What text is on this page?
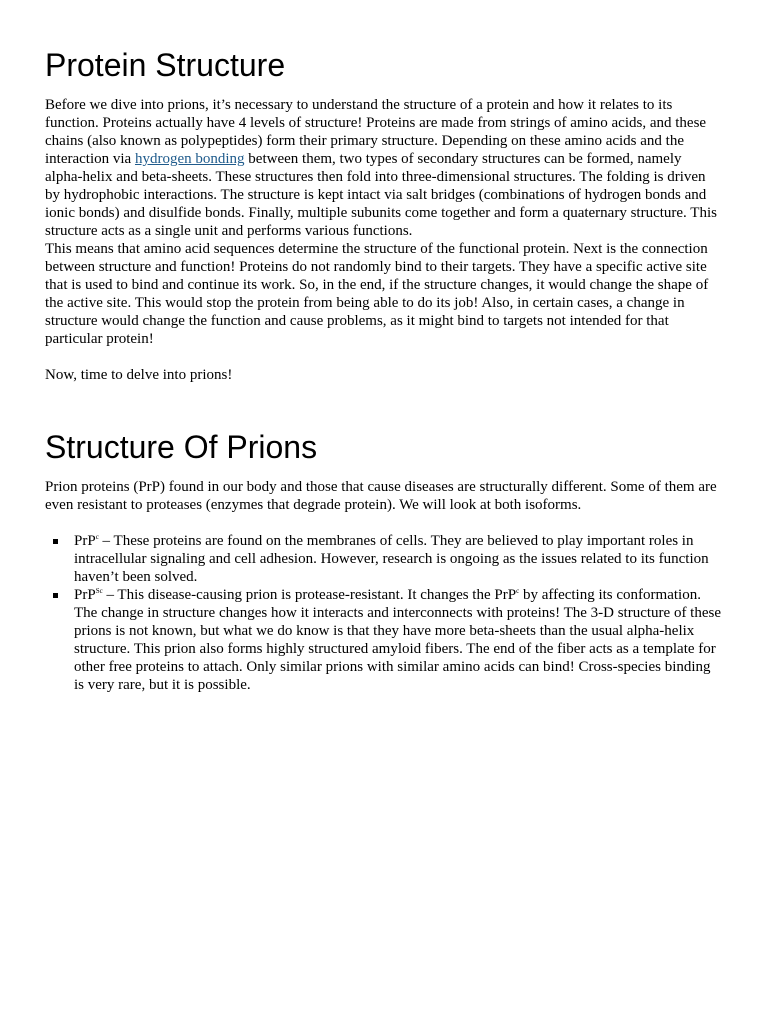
Protein Structure

Before we dive into prions, it’s necessary to understand the structure of a protein and how it relates to its function. Proteins actually have 4 levels of structure! Proteins are made from strings of amino acids, and these chains (also known as polypeptides) form their primary structure. Depending on these amino acids and the interaction via hydrogen bonding between them, two types of secondary structures can be formed, namely alpha-helix and beta-sheets. These structures then fold into three-dimensional structures. The folding is driven by hydrophobic interactions. The structure is kept intact via salt bridges (combinations of hydrogen bonds and ionic bonds) and disulfide bonds. Finally, multiple subunits come together and form a quaternary structure. This structure acts as a single unit and performs various functions.

This means that amino acid sequences determine the structure of the functional protein. Next is the connection between structure and function! Proteins do not randomly bind to their targets. They have a specific active site that is used to bind and continue its work. So, in the end, if the structure changes, it would change the shape of the active site. This would stop the protein from being able to do its job! Also, in certain cases, a change in structure would change the function and cause problems, as it might bind to targets not intended for that particular protein!

Now, time to delve into prions!

Structure Of Prions

Prion proteins (PrP) found in our body and those that cause diseases are structurally different. Some of them are even resistant to proteases (enzymes that degrade protein). We will look at both isoforms.

PrP$^c$ – These proteins are found on the membranes of cells. They are believed to play important roles in intracellular signaling and cell adhesion. However, research is ongoing as the issues related to its function haven’t been solved.
PrP$^{Sc}$ – This disease-causing prion is protease-resistant. It changes the PrP$^c$ by affecting its conformation. The change in structure changes how it interacts and interconnects with proteins! The 3-D structure of these prions is not known, but what we do know is that they have more beta-sheets than the usual alpha-helix structure. This prion also forms highly structured amyloid fibers. The end of the fiber acts as a template for other free proteins to attach. Only similar prions with similar amino acids can bind! Cross-species binding is very rare, but it is possible.
